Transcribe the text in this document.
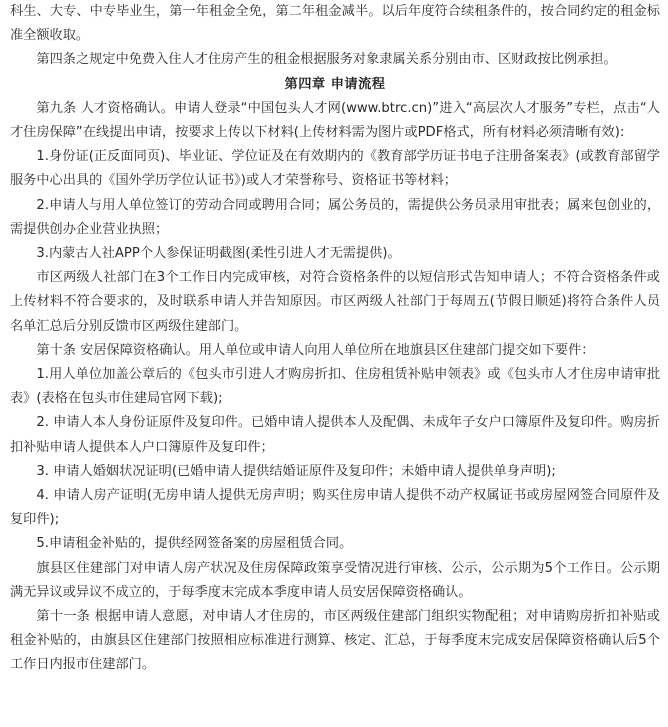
科生、大专、中专毕业生，第一年租金全免，第二年租金减半。以后年度符合续租条件的，按合同约定的租金标准全额收取。

第四条之规定中免费入住人才住房产生的租金根据服务对象隶属关系分别由市、区财政按比例承担。

第四章 申请流程

第九条 人才资格确认。申请人登录“中国包头人才网(www.btrc.cn)”进入“高层次人才服务”专栏，点击“人才住房保障”在线提出申请，按要求上传以下材料(上传材料需为图片或PDF格式，所有材料必须清晰有效):

1.身份证(正反面同页)、毕业证、学位证及在有效期内的《教育部学历证书电子注册备案表》(或教育部留学服务中心出具的《国外学历学位认证书》)或人才荣誉称号、资格证书等材料；

2.申请人与用人单位签订的劳动合同或聘用合同；属公务员的，需提供公务员录用审批表；属来包创业的，需提供创办企业营业执照；

3.内蒙古人社APP个人参保证明截图(柔性引进人才无需提供)。

市区两级人社部门在3个工作日内完成审核，对符合资格条件的以短信形式告知申请人；不符合资格条件或上传材料不符合要求的，及时联系申请人并告知原因。市区两级人社部门于每周五(节假日顺延)将符合条件人员名单汇总后分别反馈市区两级住建部门。

第十条 安居保障资格确认。用人单位或申请人向用人单位所在地旗县区住建部门提交如下要件：

1.用人单位加盖公章后的《包头市引进人才购房折扣、住房租赁补贴申领表》或《包头市人才住房申请审批表》(表格在包头市住建局官网下载);

2. 申请人本人身份证原件及复印件。已婚申请人提供本人及配偶、未成年子女户口簿原件及复印件。购房折扣补贴申请人提供本人户口簿原件及复印件；

3. 申请人婚姻状况证明(已婚申请人提供结婚证原件及复印件；未婚申请人提供单身声明);

4. 申请人房产证明(无房申请人提供无房声明；购买住房申请人提供不动产权属证书或房屋网签合同原件及复印件);

5.申请租金补贴的，提供经网签备案的房屋租赁合同。

旗县区住建部门对申请人房产状况及住房保障政策享受情况进行审核、公示，公示期为5个工作日。公示期满无异议或异议不成立的，于每季度末完成本季度申请人员安居保障资格确认。

第十一条 根据申请人意愿，对申请人才住房的，市区两级住建部门组织实物配租；对申请购房折扣补贴或租金补贴的，由旗县区住建部门按照相应标准进行测算、核定、汇总，于每季度末完成安居保障资格确认后5个工作日内报市住建部门。
